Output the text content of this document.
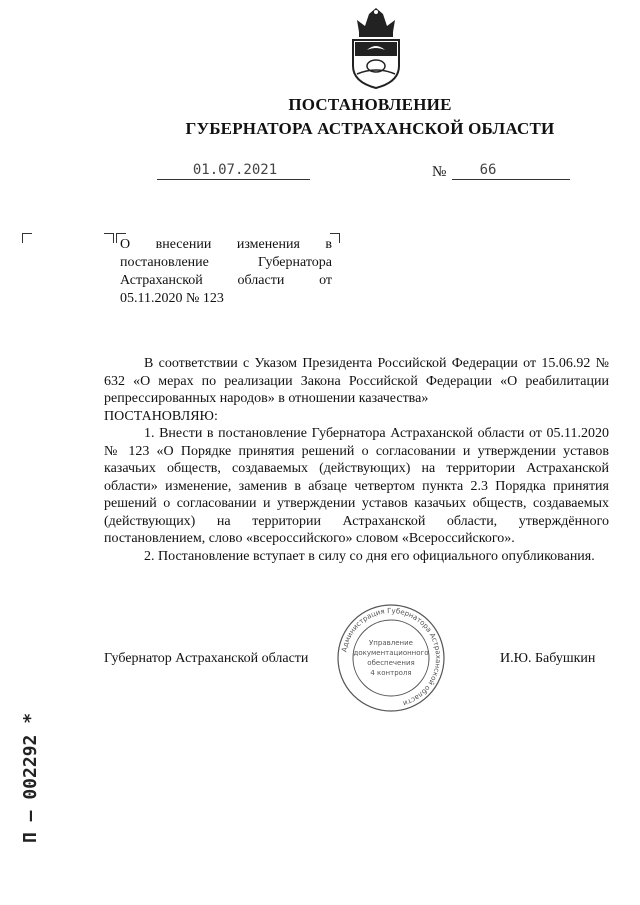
ПОСТАНОВЛЕНИЕ
ГУБЕРНАТОРА АСТРАХАНСКОЙ ОБЛАСТИ
01.07.2021	№	66
О внесении изменения в постановление Губернатора Астраханской области от 05.11.2020 № 123

В соответствии с Указом Президента Российской Федерации от 15.06.92 № 632 «О мерах по реализации Закона Российской Федерации «О реабилитации репрессированных народов» в отношении казачества»

ПОСТАНОВЛЯЮ:

1. Внести в постановление Губернатора Астраханской области от 05.11.2020 № 123 «О Порядке принятия решений о согласовании и утверждении уставов казачьих обществ, создаваемых (действующих) на территории Астраханской области» изменение, заменив в абзаце четвертом пункта 2.3 Порядка принятия решений о согласовании и утверждении уставов казачьих обществ, создаваемых (действующих) на территории Астраханской области, утверждённого постановлением, слово «всероссийского» словом «Всероссийского».

2. Постановление вступает в силу со дня его официального опубликования.

Губернатор Астраханской области	И.Ю. Бабушкин
Администрация Губернатора Астраханской области
Управление
документационного
обеспечения
4 контроля
П – 002292 *
